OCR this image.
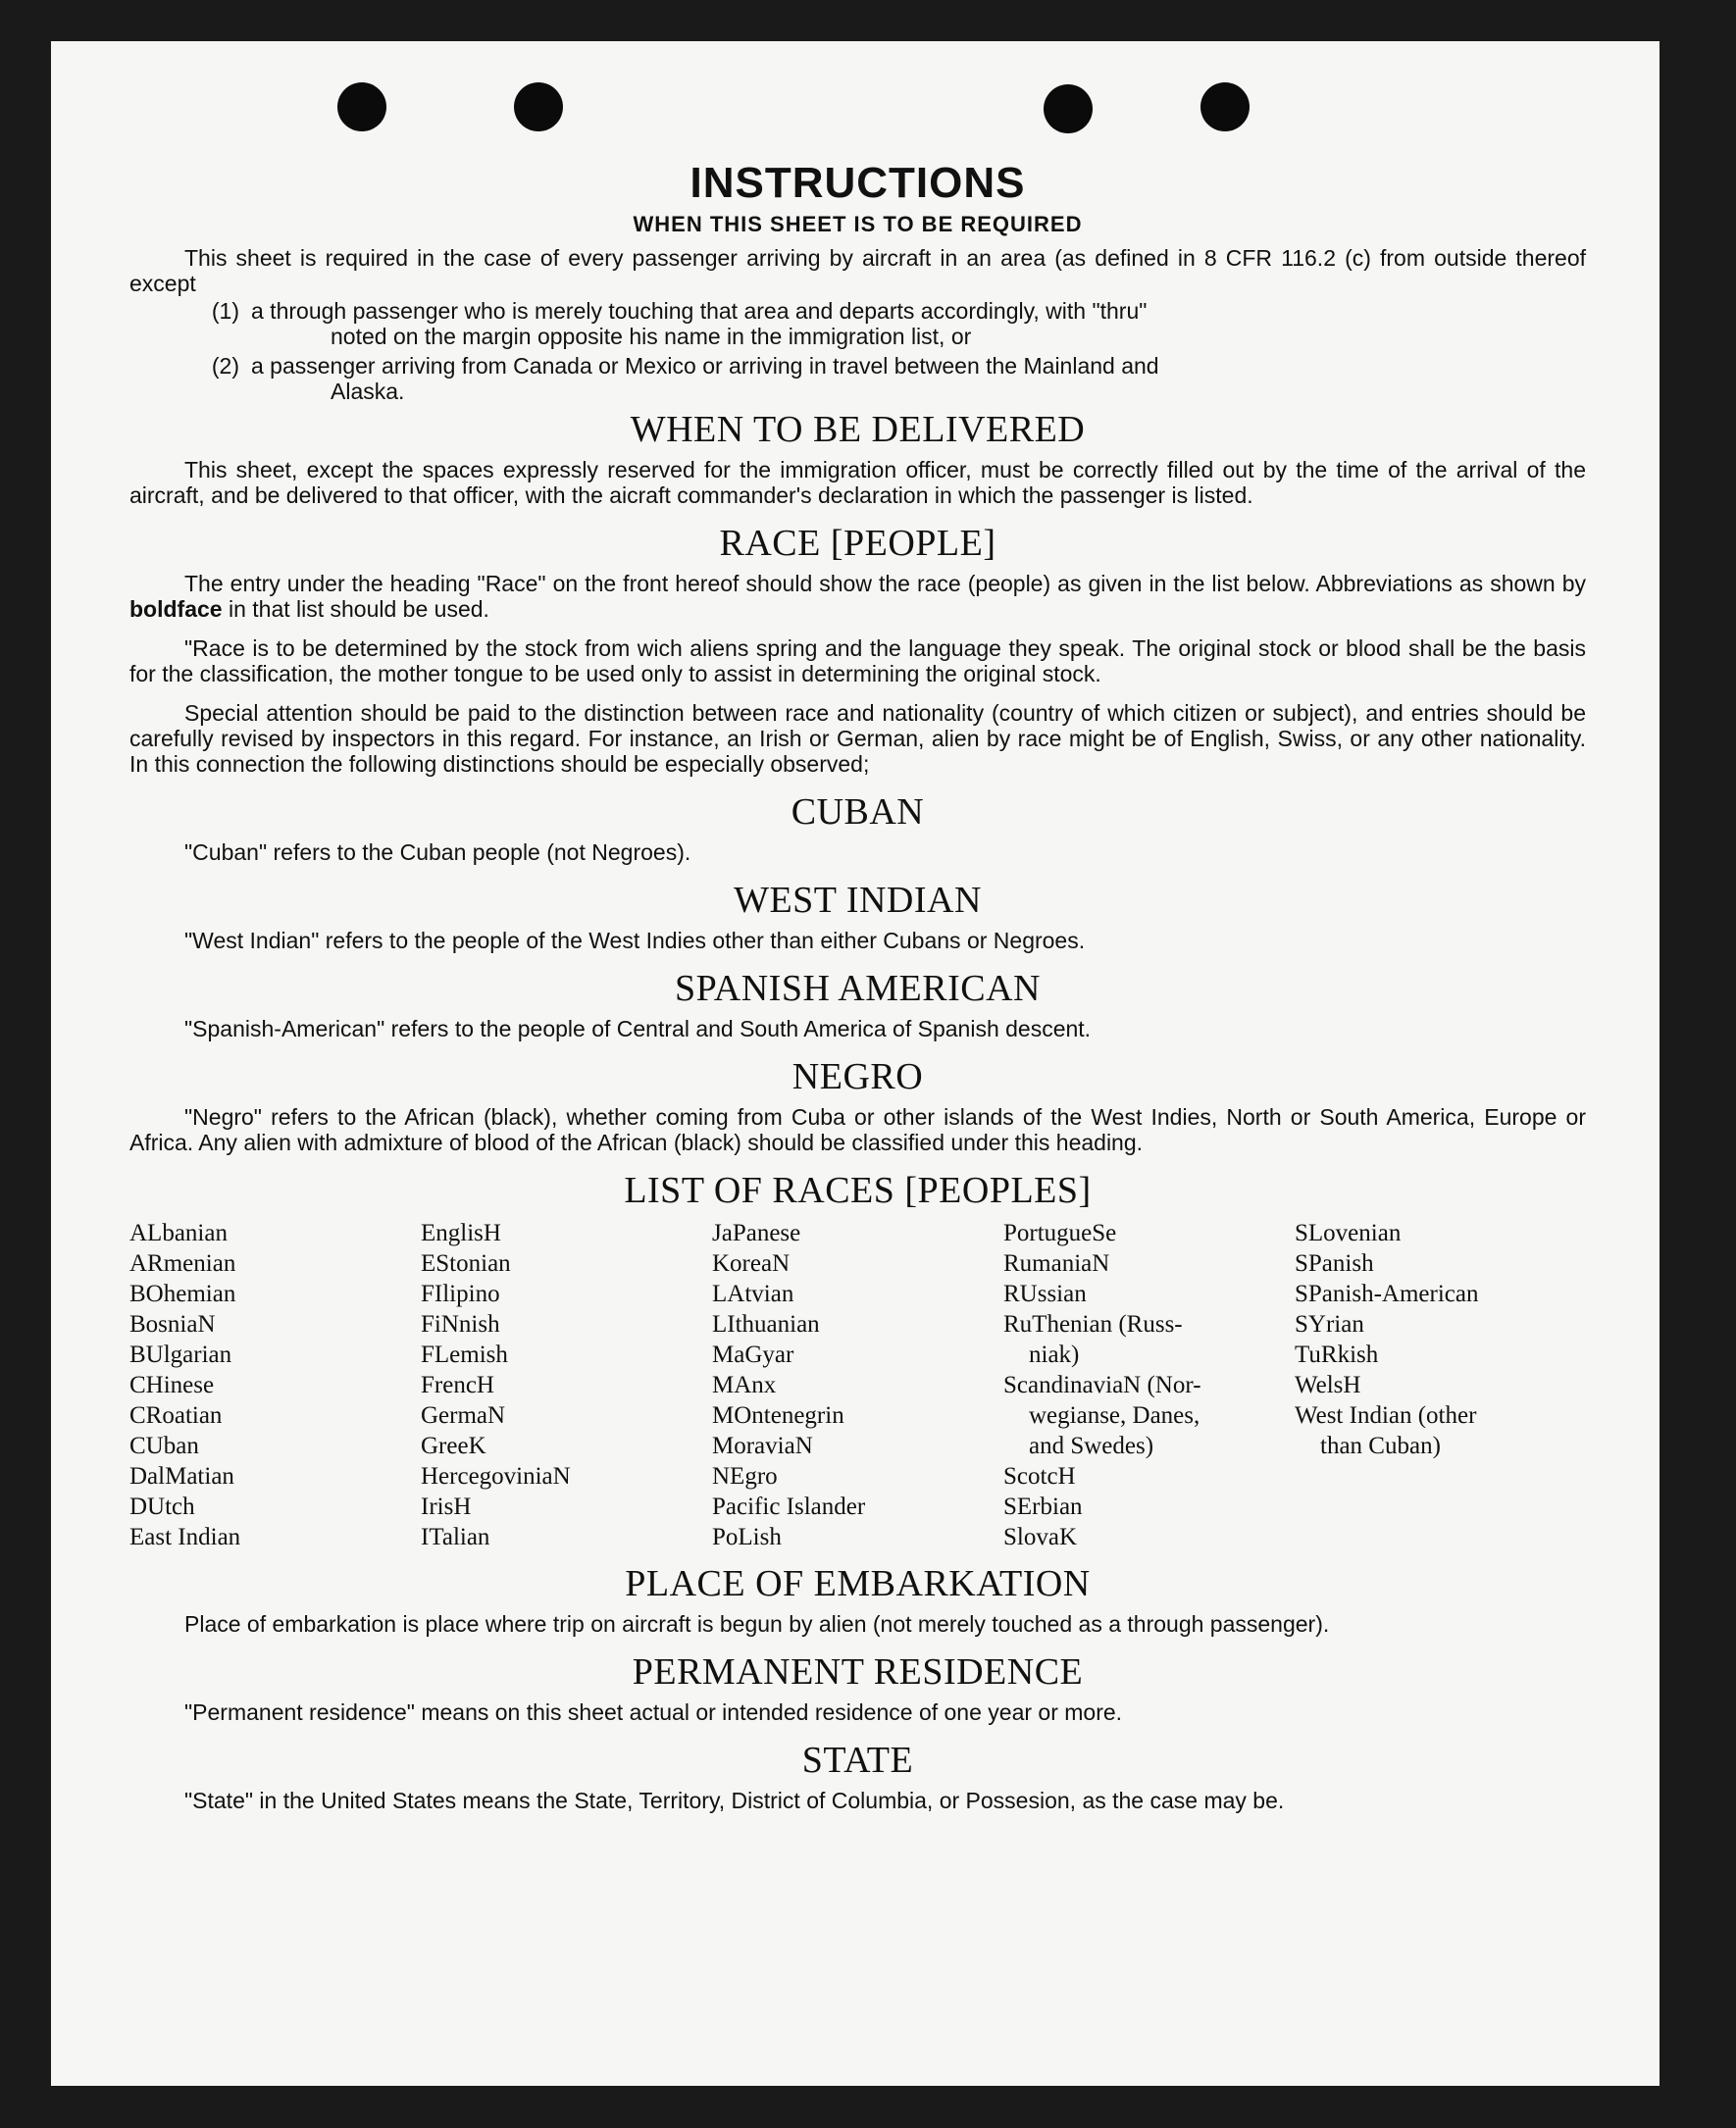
INSTRUCTIONS
WHEN THIS SHEET IS TO BE REQUIRED

This sheet is required in the case of every passenger arriving by aircraft in an area (as defined in 8 CFR 116.2 (c) from outside thereof except

(1) a through passenger who is merely touching that area and departs accordingly, with "thru"
noted on the margin opposite his name in the immigration list, or
(2) a passenger arriving from Canada or Mexico or arriving in travel between the Mainland and
Alaska.
WHEN TO BE DELIVERED

This sheet, except the spaces expressly reserved for the immigration officer, must be correctly filled out by the time of the arrival of the aircraft, and be delivered to that officer, with the aicraft commander's declaration in which the passenger is listed.

RACE [PEOPLE]

The entry under the heading "Race" on the front hereof should show the race (people) as given in the list below. Abbreviations as shown by boldface in that list should be used.

"Race is to be determined by the stock from wich aliens spring and the language they speak. The original stock or blood shall be the basis for the classification, the mother tongue to be used only to assist in determining the original stock.

Special attention should be paid to the distinction between race and nationality (country of which citizen or subject), and entries should be carefully revised by inspectors in this regard. For instance, an Irish or German, alien by race might be of English, Swiss, or any other nationality. In this connection the following distinctions should be especially observed;

CUBAN

"Cuban" refers to the Cuban people (not Negroes).

WEST INDIAN

"West Indian" refers to the people of the West Indies other than either Cubans or Negroes.

SPANISH AMERICAN

"Spanish-American" refers to the people of Central and South America of Spanish descent.

NEGRO

"Negro" refers to the African (black), whether coming from Cuba or other islands of the West Indies, North or South America, Europe or Africa. Any alien with admixture of blood of the African (black) should be classified under this heading.

LIST OF RACES [PEOPLES]
ALbanian
ARmenian
BOhemian
BosniaN
BUlgarian
CHinese
CRoatian
CUban
DalMatian
DUtch
East Indian
EnglisH
EStonian
FIlipino
FiNnish
FLemish
FrencH
GermaN
GreeK
HercegoviniaN
IrisH
ITalian
JaPanese
KoreaN
LAtvian
LIthuanian
MaGyar
MAnx
MOntenegrin
MoraviaN
NEgro
Pacific Islander
PoLish
PortugueSe
RumaniaN
RUssian
RuThenian (Russ-
niak)
ScandinaviaN (Nor-
wegianse, Danes,
and Swedes)
ScotcH
SErbian
SlovaK
SLovenian
SPanish
SPanish-American
SYrian
TuRkish
WelsH
West Indian (other
than Cuban)
PLACE OF EMBARKATION

Place of embarkation is place where trip on aircraft is begun by alien (not merely touched as a through passenger).

PERMANENT RESIDENCE

"Permanent residence" means on this sheet actual or intended residence of one year or more.

STATE

"State" in the United States means the State, Territory, District of Columbia, or Possesion, as the case may be.
